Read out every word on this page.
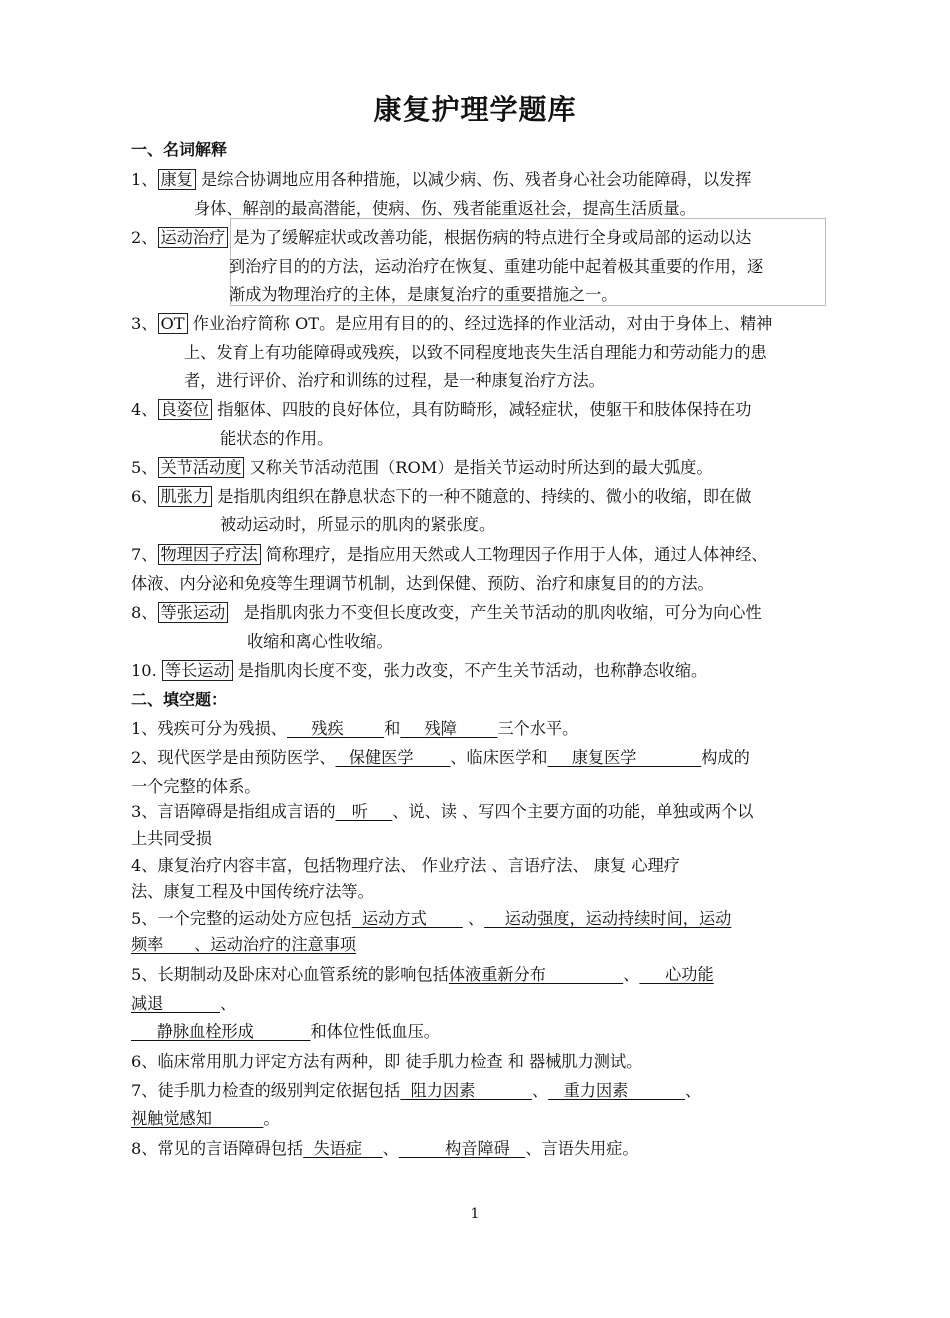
康复护理学题库
一、名词解释
1、 康复 是综合协调地应用各种措施，以减少病、伤、残者身心社会功能障碍，以发挥
身体、解剖的最高潜能，使病、伤、残者能重返社会，提高生活质量。
2、 运动治疗 是为了缓解症状或改善功能，根据伤病的特点进行全身或局部的运动以达
到治疗目的的方法，运动治疗在恢复、重建功能中起着极其重要的作用，逐
渐成为物理治疗的主体，是康复治疗的重要措施之一。
3、 OT 作业治疗简称 OT。是应用有目的的、经过选择的作业活动，对由于身体上、精神
上、发育上有功能障碍或残疾，以致不同程度地丧失生活自理能力和劳动能力的患
者，进行评价、治疗和训练的过程，是一种康复治疗方法。
4、 良姿位 指躯体、四肢的良好体位，具有防畸形，减轻症状，使躯干和肢体保持在功
能状态的作用。
5、 关节活动度 又称关节活动范围（ROM）是指关节运动时所达到的最大弧度。
6、 肌张力 是指肌肉组织在静息状态下的一种不随意的、持续的、微小的收缩，即在做
被动运动时，所显示的肌肉的紧张度。
7、 物理因子疗法 简称理疗，是指应用天然或人工物理因子作用于人体，通过人体神经、
体液、内分泌和免疫等生理调节机制，达到保健、预防、治疗和康复目的的方法。
8、 等张运动 是指肌肉张力不变但长度改变，产生关节活动的肌肉收缩，可分为向心性
收缩和离心性收缩。
10. 等长运动 是指肌肉长度不变，张力改变，不产生关节活动，也称静态收缩。
二、填空题：
1、残疾可分为残损、___残疾_____和___残障_____三个水平。
2、现代医学是由预防医学、_ 保健医学    __、临床医学和___康复医学________构成的
一个完整的体系。
3、言语障碍是指组成言语的__听___、说、读 、写四个主要方面的功能，单独或两个以
上共同受损
4、康复治疗内容丰富，包括物理疗法、 作业疗法 、言语疗法、 康复 心理疗
法、康复工程及中国传统疗法等。
5、一个完整的运动处方应包括  运动方式        、    运动强度，运动持续时间，运动
频率      、运动治疗的注意事项
5、长期制动及卧床对心血管系统的影响包括体液重新分布               、     心功能
减退           、
静脉血栓形成           和体位性低血压。
6、临床常用肌力评定方法有两种，即 徒手肌力检查 和 器械肌力测试。
7、徒手肌力检查的级别判定依据包括  阻力因素           、   重力因素           、
视触觉感知          。
8、常见的言语障碍包括  失语症    、         构音障碍   、言语失用症。
1
